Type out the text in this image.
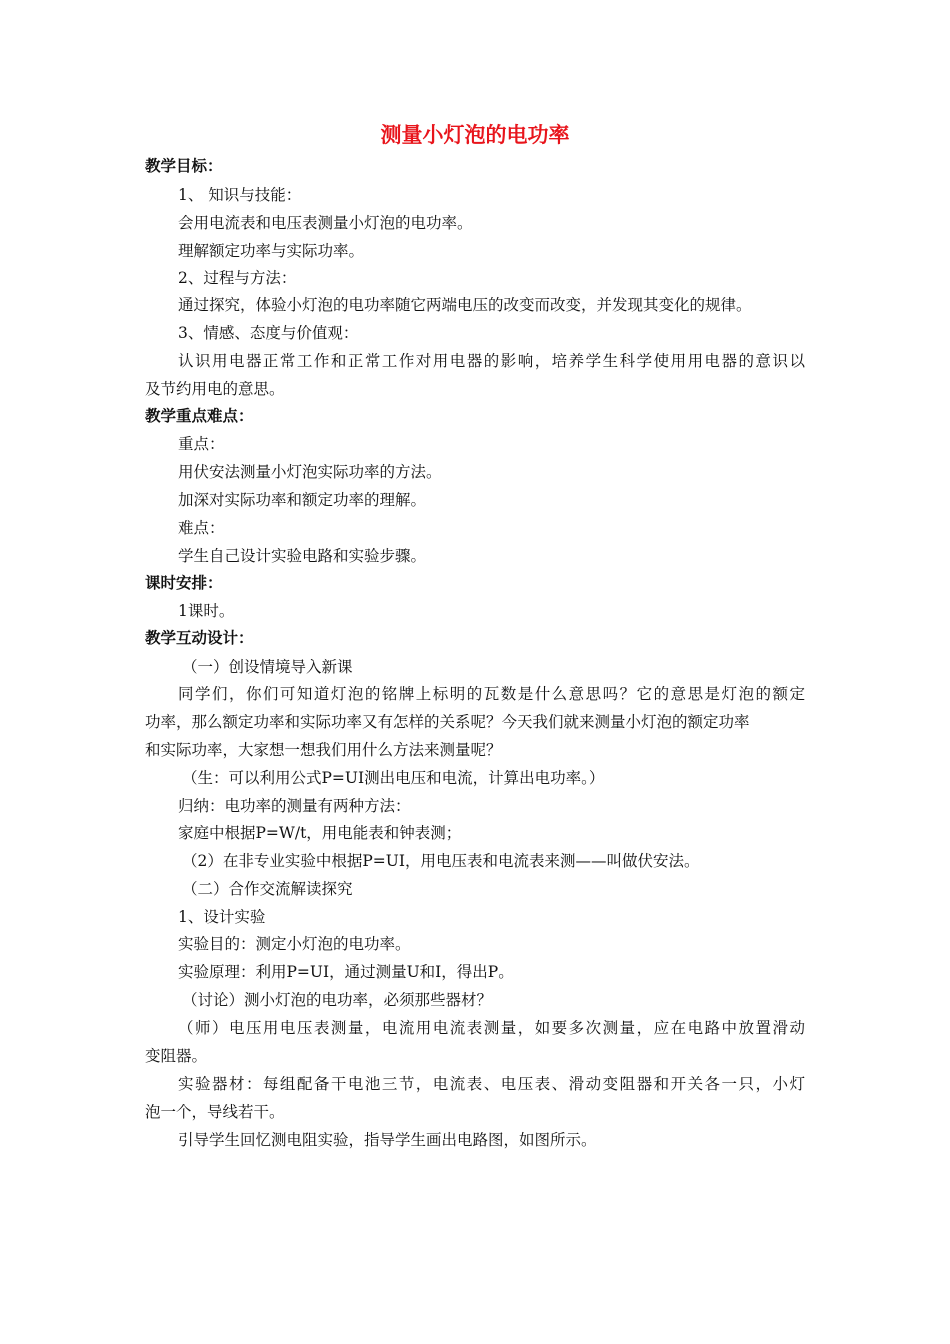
测量小灯泡的电功率
教学目标：
1、 知识与技能：
会用电流表和电压表测量小灯泡的电功率。
理解额定功率与实际功率。
2、过程与方法：
通过探究，体验小灯泡的电功率随它两端电压的改变而改变，并发现其变化的规律。
3、情感、态度与价值观：
认识用电器正常工作和正常工作对用电器的影响，培养学生科学使用用电器的意识以
及节约用电的意思。
教学重点难点：
重点：
用伏安法测量小灯泡实际功率的方法。
加深对实际功率和额定功率的理解。
难点：
学生自己设计实验电路和实验步骤。
课时安排：
1课时。
教学互动设计：
（一）创设情境导入新课
同学们，你们可知道灯泡的铭牌上标明的瓦数是什么意思吗？它的意思是灯泡的额定
功率，那么额定功率和实际功率又有怎样的关系呢？今天我们就来测量小灯泡的额定功率
和实际功率，大家想一想我们用什么方法来测量呢？
（生：可以利用公式P=UI测出电压和电流，计算出电功率。）
归纳：电功率的测量有两种方法：
家庭中根据P=W/t，用电能表和钟表测；
（2）在非专业实验中根据P=UI，用电压表和电流表来测——叫做伏安法。
（二）合作交流解读探究
1、设计实验
实验目的：测定小灯泡的电功率。
实验原理：利用P=UI，通过测量U和I，得出P。
（讨论）测小灯泡的电功率，必须那些器材？
（师）电压用电压表测量，电流用电流表测量，如要多次测量，应在电路中放置滑动
变阻器。
实验器材：每组配备干电池三节，电流表、电压表、滑动变阻器和开关各一只，小灯
泡一个，导线若干。
引导学生回忆测电阻实验，指导学生画出电路图，如图所示。
